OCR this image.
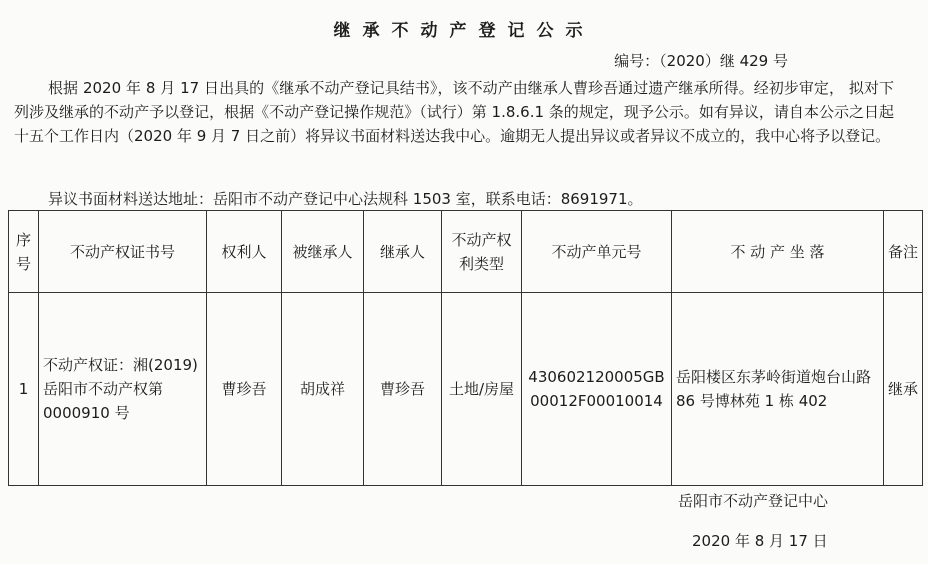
继承不动产登记公示
编号：（2020）继 429 号

根据 2020 年 8 月 17 日出具的《继承不动产登记具结书》，该不动产由继承人曹珍吾通过遗产继承所得。经初步审定， 拟对下列涉及继承的不动产予以登记，根据《不动产登记操作规范》（试行）第 1.8.6.1 条的规定，现予公示。如有异议，请自本公示之日起十五个工作日内（2020 年 9 月 7 日之前）将异议书面材料送达我中心。逾期无人提出异议或者异议不成立的，我中心将予以登记。

异议书面材料送达地址：岳阳市不动产登记中心法规科 1503 室，联系电话：8691971。
序号	不动产权证书号	权利人	被继承人	继承人	不动产权利类型	不动产单元号	不 动 产 坐 落	备注
1	不动产权证：湘(2019)岳阳市不动产权第 0000910 号	曹珍吾	胡成祥	曹珍吾	土地/房屋	430602120005GB00012F00010014	岳阳楼区东茅岭街道炮台山路 86 号博林苑 1 栋 402	继承
岳阳市不动产登记中心
2020 年 8 月 17 日
